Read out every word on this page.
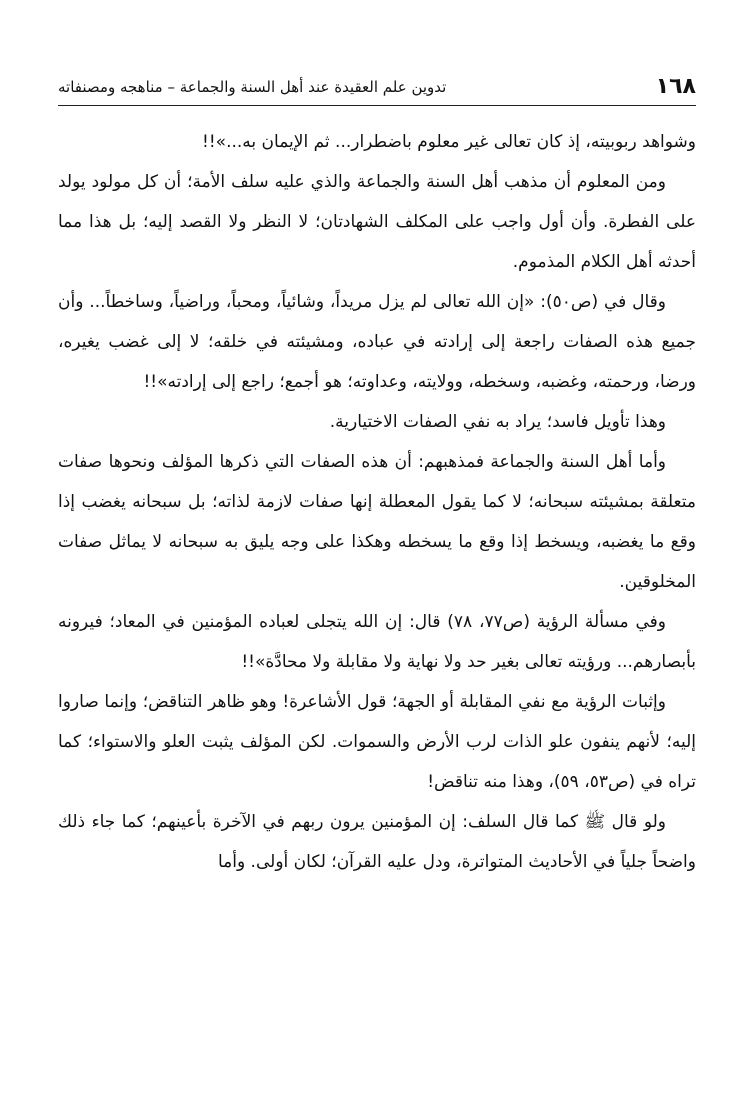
١٦٨
تدوين علم العقيدة عند أهل السنة والجماعة – مناهجه ومصنفاته

وشواهد ربوبيته، إذ كان تعالى غير معلوم باضطرار... ثم الإيمان به...»!!

ومن المعلوم أن مذهب أهل السنة والجماعة والذي عليه سلف الأمة؛ أن كل مولود يولد على الفطرة. وأن أول واجب على المكلف الشهادتان؛ لا النظر ولا القصد إليه؛ بل هذا مما أحدثه أهل الكلام المذموم.

وقال في (ص٥٠): «إن الله تعالى لم يزل مريداً، وشائياً، ومحباً، وراضياً، وساخطاً... وأن جميع هذه الصفات راجعة إلى إرادته في عباده، ومشيئته في خلقه؛ لا إلى غضب يغيره، ورضا، ورحمته، وغضبه، وسخطه، وولايته، وعداوته؛ هو أجمع؛ راجع إلى إرادته»!!

وهذا تأويل فاسد؛ يراد به نفي الصفات الاختيارية.

وأما أهل السنة والجماعة فمذهبهم: أن هذه الصفات التي ذكرها المؤلف ونحوها صفات متعلقة بمشيئته سبحانه؛ لا كما يقول المعطلة إنها صفات لازمة لذاته؛ بل سبحانه يغضب إذا وقع ما يغضبه، ويسخط إذا وقع ما يسخطه وهكذا على وجه يليق به سبحانه لا يماثل صفات المخلوقين.

وفي مسألة الرؤية (ص٧٧، ٧٨) قال: إن الله يتجلى لعباده المؤمنين في المعاد؛ فيرونه بأبصارهم... ورؤيته تعالى بغير حد ولا نهاية ولا مقابلة ولا محادَّة»!!

وإثبات الرؤية مع نفي المقابلة أو الجهة؛ قول الأشاعرة! وهو ظاهر التناقض؛ وإنما صاروا إليه؛ لأنهم ينفون علو الذات لرب الأرض والسموات. لكن المؤلف يثبت العلو والاستواء؛ كما تراه في (ص٥٣، ٥٩)، وهذا منه تناقض!

ولو قال ﷺ كما قال السلف: إن المؤمنين يرون ربهم في الآخرة بأعينهم؛ كما جاء ذلك واضحاً جلياً في الأحاديث المتواترة، ودل عليه القرآن؛ لكان أولى. وأما
